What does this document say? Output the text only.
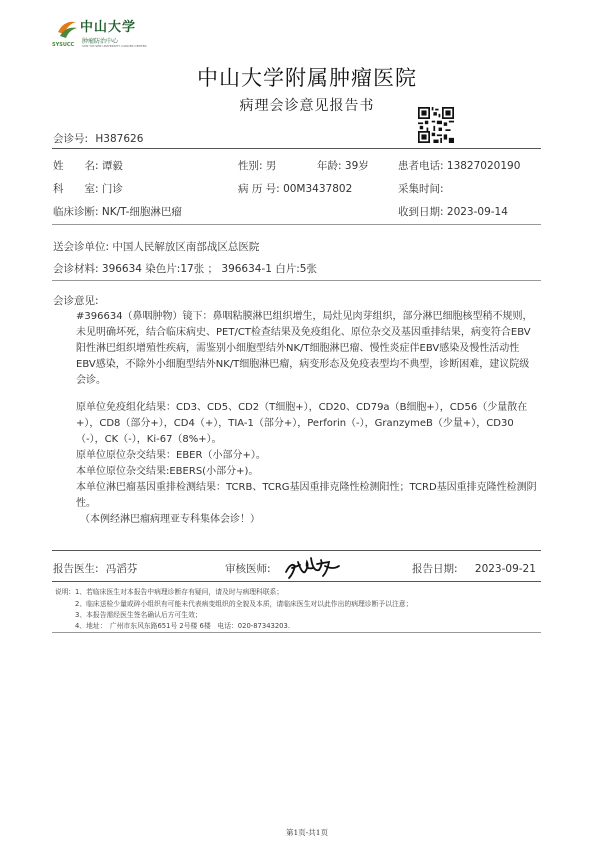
SYSUCC
中山大学
肿瘤防治中心
SUN YAT-SEN UNIVERSITY CANCER CENTER
中山大学附属肿瘤医院
病理会诊意见报告书
会诊号: H387626
姓　　名: 谭毅	性别: 男	年龄: 39岁	患者电话: 13827020190
科　　室: 门诊	病 历 号: 00M3437802	采集时间:
临床诊断: NK/T-细胞淋巴瘤	收到日期: 2023-09-14
送会诊单位: 中国人民解放区南部战区总医院
会诊材料: 396634 染色片:17张 ； 396634-1 白片:5张
会诊意见:

#396634（鼻咽肿物）镜下：鼻咽粘膜淋巴组织增生，局灶见肉芽组织，部分淋巴细胞核型稍不规则，未见明确坏死，结合临床病史、PET/CT检查结果及免疫组化、原位杂交及基因重排结果，病变符合EBV阳性淋巴组织增殖性疾病，需鉴别小细胞型结外NK/T细胞淋巴瘤、慢性炎症伴EBV感染及慢性活动性EBV感染，不除外小细胞型结外NK/T细胞淋巴瘤，病变形态及免疫表型均不典型，诊断困难，建议院级会诊。

原单位免疫组化结果：CD3、CD5、CD2（T细胞+），CD20、CD79a（B细胞+），CD56（少量散在+），CD8（部分+），CD4（+），TIA-1（部分+），Perforin（-），GranzymeB（少量+），CD30（-），CK（-），Ki-67（8%+）。

原单位原位杂交结果：EBER（小部分+）。

本单位原位杂交结果:EBERS(小部分+)。

本单位淋巴瘤基因重排检测结果：TCRB、TCRG基因重排克隆性检测阳性；TCRD基因重排克隆性检测阴性。

（本例经淋巴瘤病理亚专科集体会诊！）

报告医生: 冯滔芬	审核医师:	报告日期: 2023-09-21
说明: 1、若临床医生对本报告中病理诊断存有疑问，请及时与病理科联系；
2、临床送检少量或碎小组织有可能未代表病变组织的全貌及本质，请临床医生对以此作出的病理诊断予以注意；
3、本报告需经医生签名确认后方可生效；
4、地址：　广州市东风东路651号 2号楼 6楼　电话：020-87343203.
第1页-共1页
